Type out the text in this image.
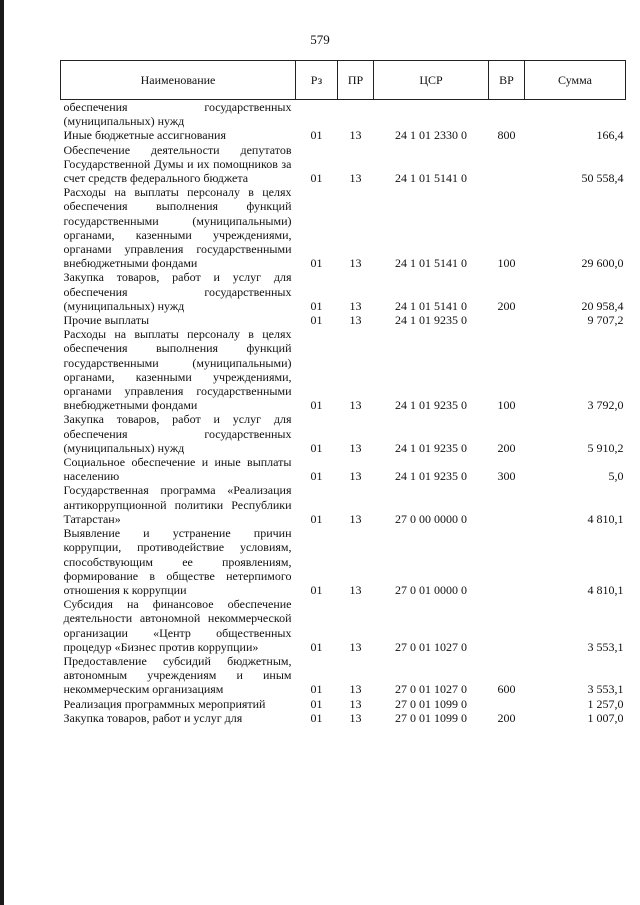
579
Наименование	Рз	ПР	ЦСР	ВР	Сумма
обеспечения государственных (муниципальных) нужд					
Иные бюджетные ассигнования	01	13	24 1 01 2330 0	800	166,4
Обеспечение деятельности депутатов Государственной Думы и их помощников за счет средств федерального бюджета	01	13	24 1 01 5141 0		50 558,4
Расходы на выплаты персоналу в целях обеспечения выполнения функций государственными (муниципальными) органами, казенными учреждениями, органами управления государственными внебюджетными фондами	01	13	24 1 01 5141 0	100	29 600,0
Закупка товаров, работ и услуг для обеспечения государственных (муниципальных) нужд	01	13	24 1 01 5141 0	200	20 958,4
Прочие выплаты	01	13	24 1 01 9235 0		9 707,2
Расходы на выплаты персоналу в целях обеспечения выполнения функций государственными (муниципальными) органами, казенными учреждениями, органами управления государственными внебюджетными фондами	01	13	24 1 01 9235 0	100	3 792,0
Закупка товаров, работ и услуг для обеспечения государственных (муниципальных) нужд	01	13	24 1 01 9235 0	200	5 910,2
Социальное обеспечение и иные выплаты населению	01	13	24 1 01 9235 0	300	5,0
Государственная программа «Реализация антикоррупционной политики Республики Татарстан»	01	13	27 0 00 0000 0		4 810,1
Выявление и устранение причин коррупции, противодействие условиям, способствующим ее проявлениям, формирование в обществе нетерпимого отношения к коррупции	01	13	27 0 01 0000 0		4 810,1
Субсидия на финансовое обеспечение деятельности автономной некоммерческой организации «Центр общественных процедур «Бизнес против коррупции»	01	13	27 0 01 1027 0		3 553,1
Предоставление субсидий бюджетным, автономным учреждениям и иным некоммерческим организациям	01	13	27 0 01 1027 0	600	3 553,1
Реализация программных мероприятий	01	13	27 0 01 1099 0		1 257,0
Закупка товаров, работ и услуг для	01	13	27 0 01 1099 0	200	1 007,0
